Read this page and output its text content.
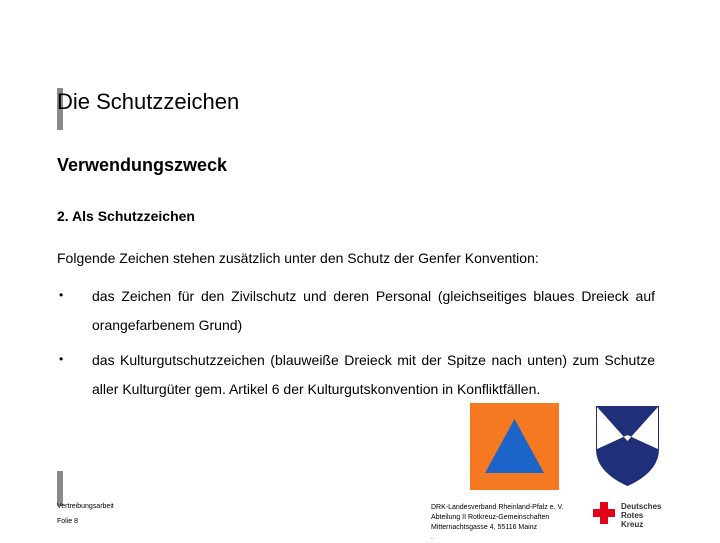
Die Schutzzeichen
Verwendungszweck
2. Als Schutzzeichen

Folgende Zeichen stehen zusätzlich unter den Schutz der Genfer Konvention:

• das Zeichen für den Zivilschutz und deren Personal (gleichseitiges blaues Dreieck auf orangefarbenem Grund)

• das Kulturgutschutzzeichen (blauweiße Dreieck mit der Spitze nach unten) zum Schutze aller Kulturgüter gem. Artikel 6 der Kulturgutskonvention in Konfliktfällen.

Vertreibungsarbeit
Folie 8
DRK-Landesverband Rheinland-Pfalz e. V.
Abteilung II Rotkreuz-Gemeinschaften
Mitternachtsgasse 4, 55116 Mainz
.
Deutsches
Rotes
Kreuz
